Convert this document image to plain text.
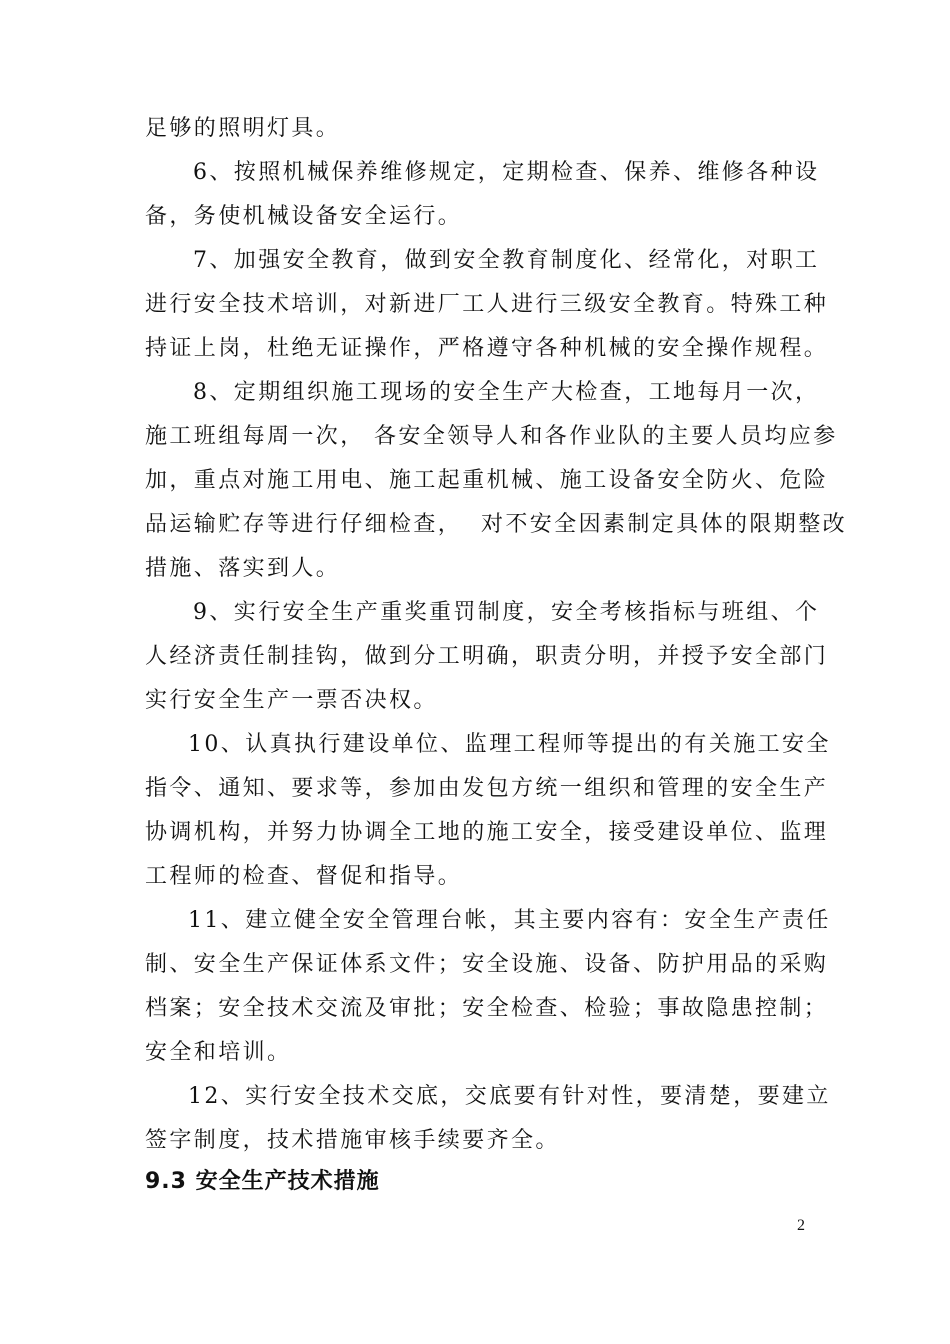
足够的照明灯具。
6、按照机械保养维修规定，定期检查、保养、维修各种设
备，务使机械设备安全运行。
7、加强安全教育，做到安全教育制度化、经常化，对职工
进行安全技术培训，对新进厂工人进行三级安全教育。特殊工种
持证上岗，杜绝无证操作，严格遵守各种机械的安全操作规程。
8、定期组织施工现场的安全生产大检查，工地每月一次，
施工班组每周一次， 各安全领导人和各作业队的主要人员均应参
加，重点对施工用电、施工起重机械、施工设备安全防火、危险
品运输贮存等进行仔细检查，  对不安全因素制定具体的限期整改
措施、落实到人。
9、实行安全生产重奖重罚制度，安全考核指标与班组、个
人经济责任制挂钩，做到分工明确，职责分明，并授予安全部门
实行安全生产一票否决权。
10、认真执行建设单位、监理工程师等提出的有关施工安全
指令、通知、要求等，参加由发包方统一组织和管理的安全生产
协调机构，并努力协调全工地的施工安全，接受建设单位、监理
工程师的检查、督促和指导。
11、建立健全安全管理台帐，其主要内容有：安全生产责任
制、安全生产保证体系文件；安全设施、设备、防护用品的采购
档案；安全技术交流及审批；安全检查、检验；事故隐患控制；
安全和培训。
12、实行安全技术交底，交底要有针对性，要清楚，要建立
签字制度，技术措施审核手续要齐全。
9.3 安全生产技术措施
2
